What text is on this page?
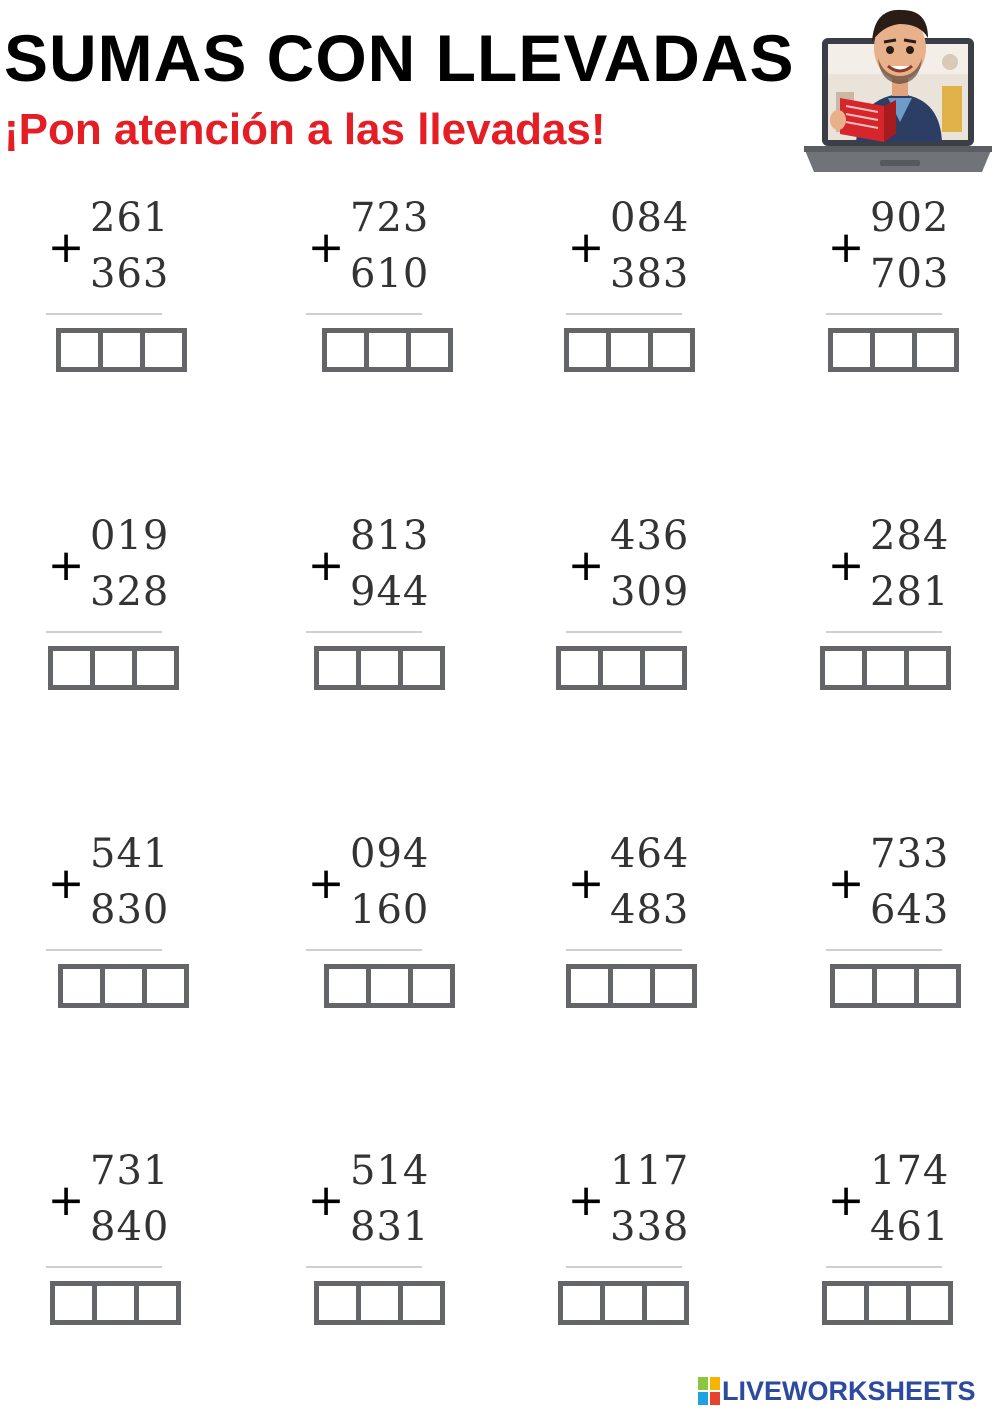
SUMAS CON LLEVADAS
¡Pon atención a las llevadas!
+
261
363
+
723
610
+
084
383
+
902
703
+
019
328
+
813
944
+
436
309
+
284
281
+
541
830
+
094
160
+
464
483
+
733
643
+
731
840
+
514
831
+
117
338
+
174
461
LIVEWORKSHEETS
